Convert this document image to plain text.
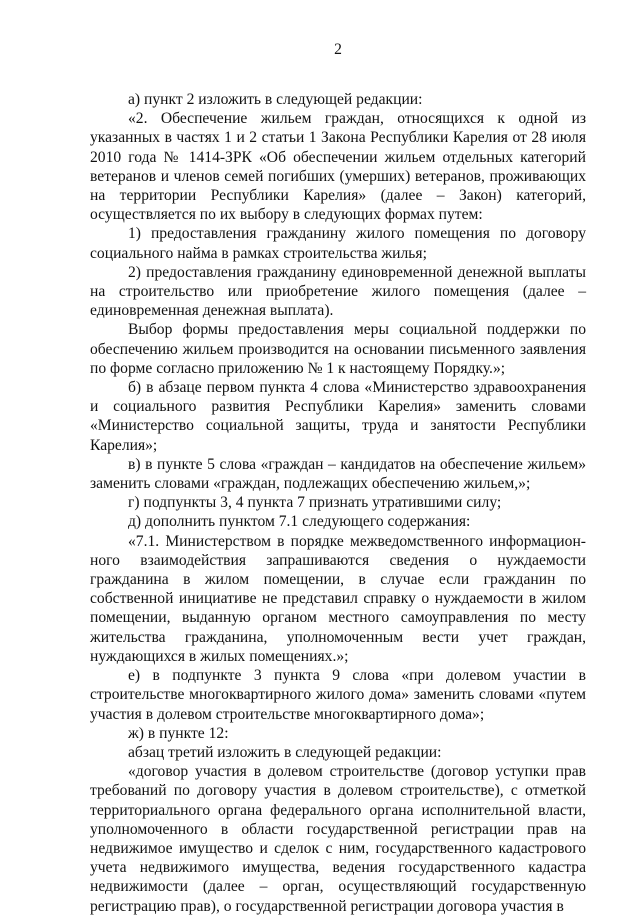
2

а) пункт 2 изложить в следующей редакции:

«2. Обеспечение жильем граждан, относящихся к одной из указанных в частях 1 и 2 статьи 1 Закона Республики Карелия от 28 июля 2010 года № 1414-ЗРК «Об обеспечении жильем отдельных категорий ветеранов и членов семей погибших (умерших) ветеранов, проживающих на территории Республики Карелия» (далее – Закон) категорий, осуществляется по их выбору в следующих формах путем:

1) предоставления гражданину жилого помещения по договору социального найма в рамках строительства жилья;

2) предоставления гражданину единовременной денежной выплаты на строительство или приобретение жилого помещения (далее – единовременная денежная выплата).

Выбор формы предоставления меры социальной поддержки по обеспечению жильем производится на основании письменного заявления по форме согласно приложению № 1 к настоящему Порядку.»;

б) в абзаце первом пункта 4 слова «Министерство здравоохранения и социального развития Республики Карелия» заменить словами «Министерство социальной защиты, труда и занятости Республики Карелия»;

в) в пункте 5 слова «граждан – кандидатов на обеспечение жильем» заменить словами «граждан, подлежащих обеспечению жильем,»;

г) подпункты 3, 4 пункта 7 признать утратившими силу;

д) дополнить пунктом 7.1 следующего содержания:

«7.1. Министерством в порядке межведомственного информационного взаимодействия запрашиваются сведения о нуждаемости гражданина в жилом помещении, в случае если гражданин по собственной инициативе не представил справку о нуждаемости в жилом помещении, выданную органом местного самоуправления по месту жительства гражданина, уполномоченным вести учет граждан, нуждающихся в жилых помещениях.»;

е) в подпункте 3 пункта 9 слова «при долевом участии в строительстве многоквартирного жилого дома» заменить словами «путем участия в долевом строительстве многоквартирного дома»;

ж) в пункте 12:

абзац третий изложить в следующей редакции:

«договор участия в долевом строительстве (договор уступки прав требований по договору участия в долевом строительстве), с отметкой территориального органа федерального органа исполнительной власти, уполномоченного в области государственной регистрации прав на недвижимое имущество и сделок с ним, государственного кадастрового учета недвижимого имущества, ведения государственного кадастра недвижимости (далее – орган, осуществляющий государственную регистрацию прав), о государственной регистрации договора участия в
